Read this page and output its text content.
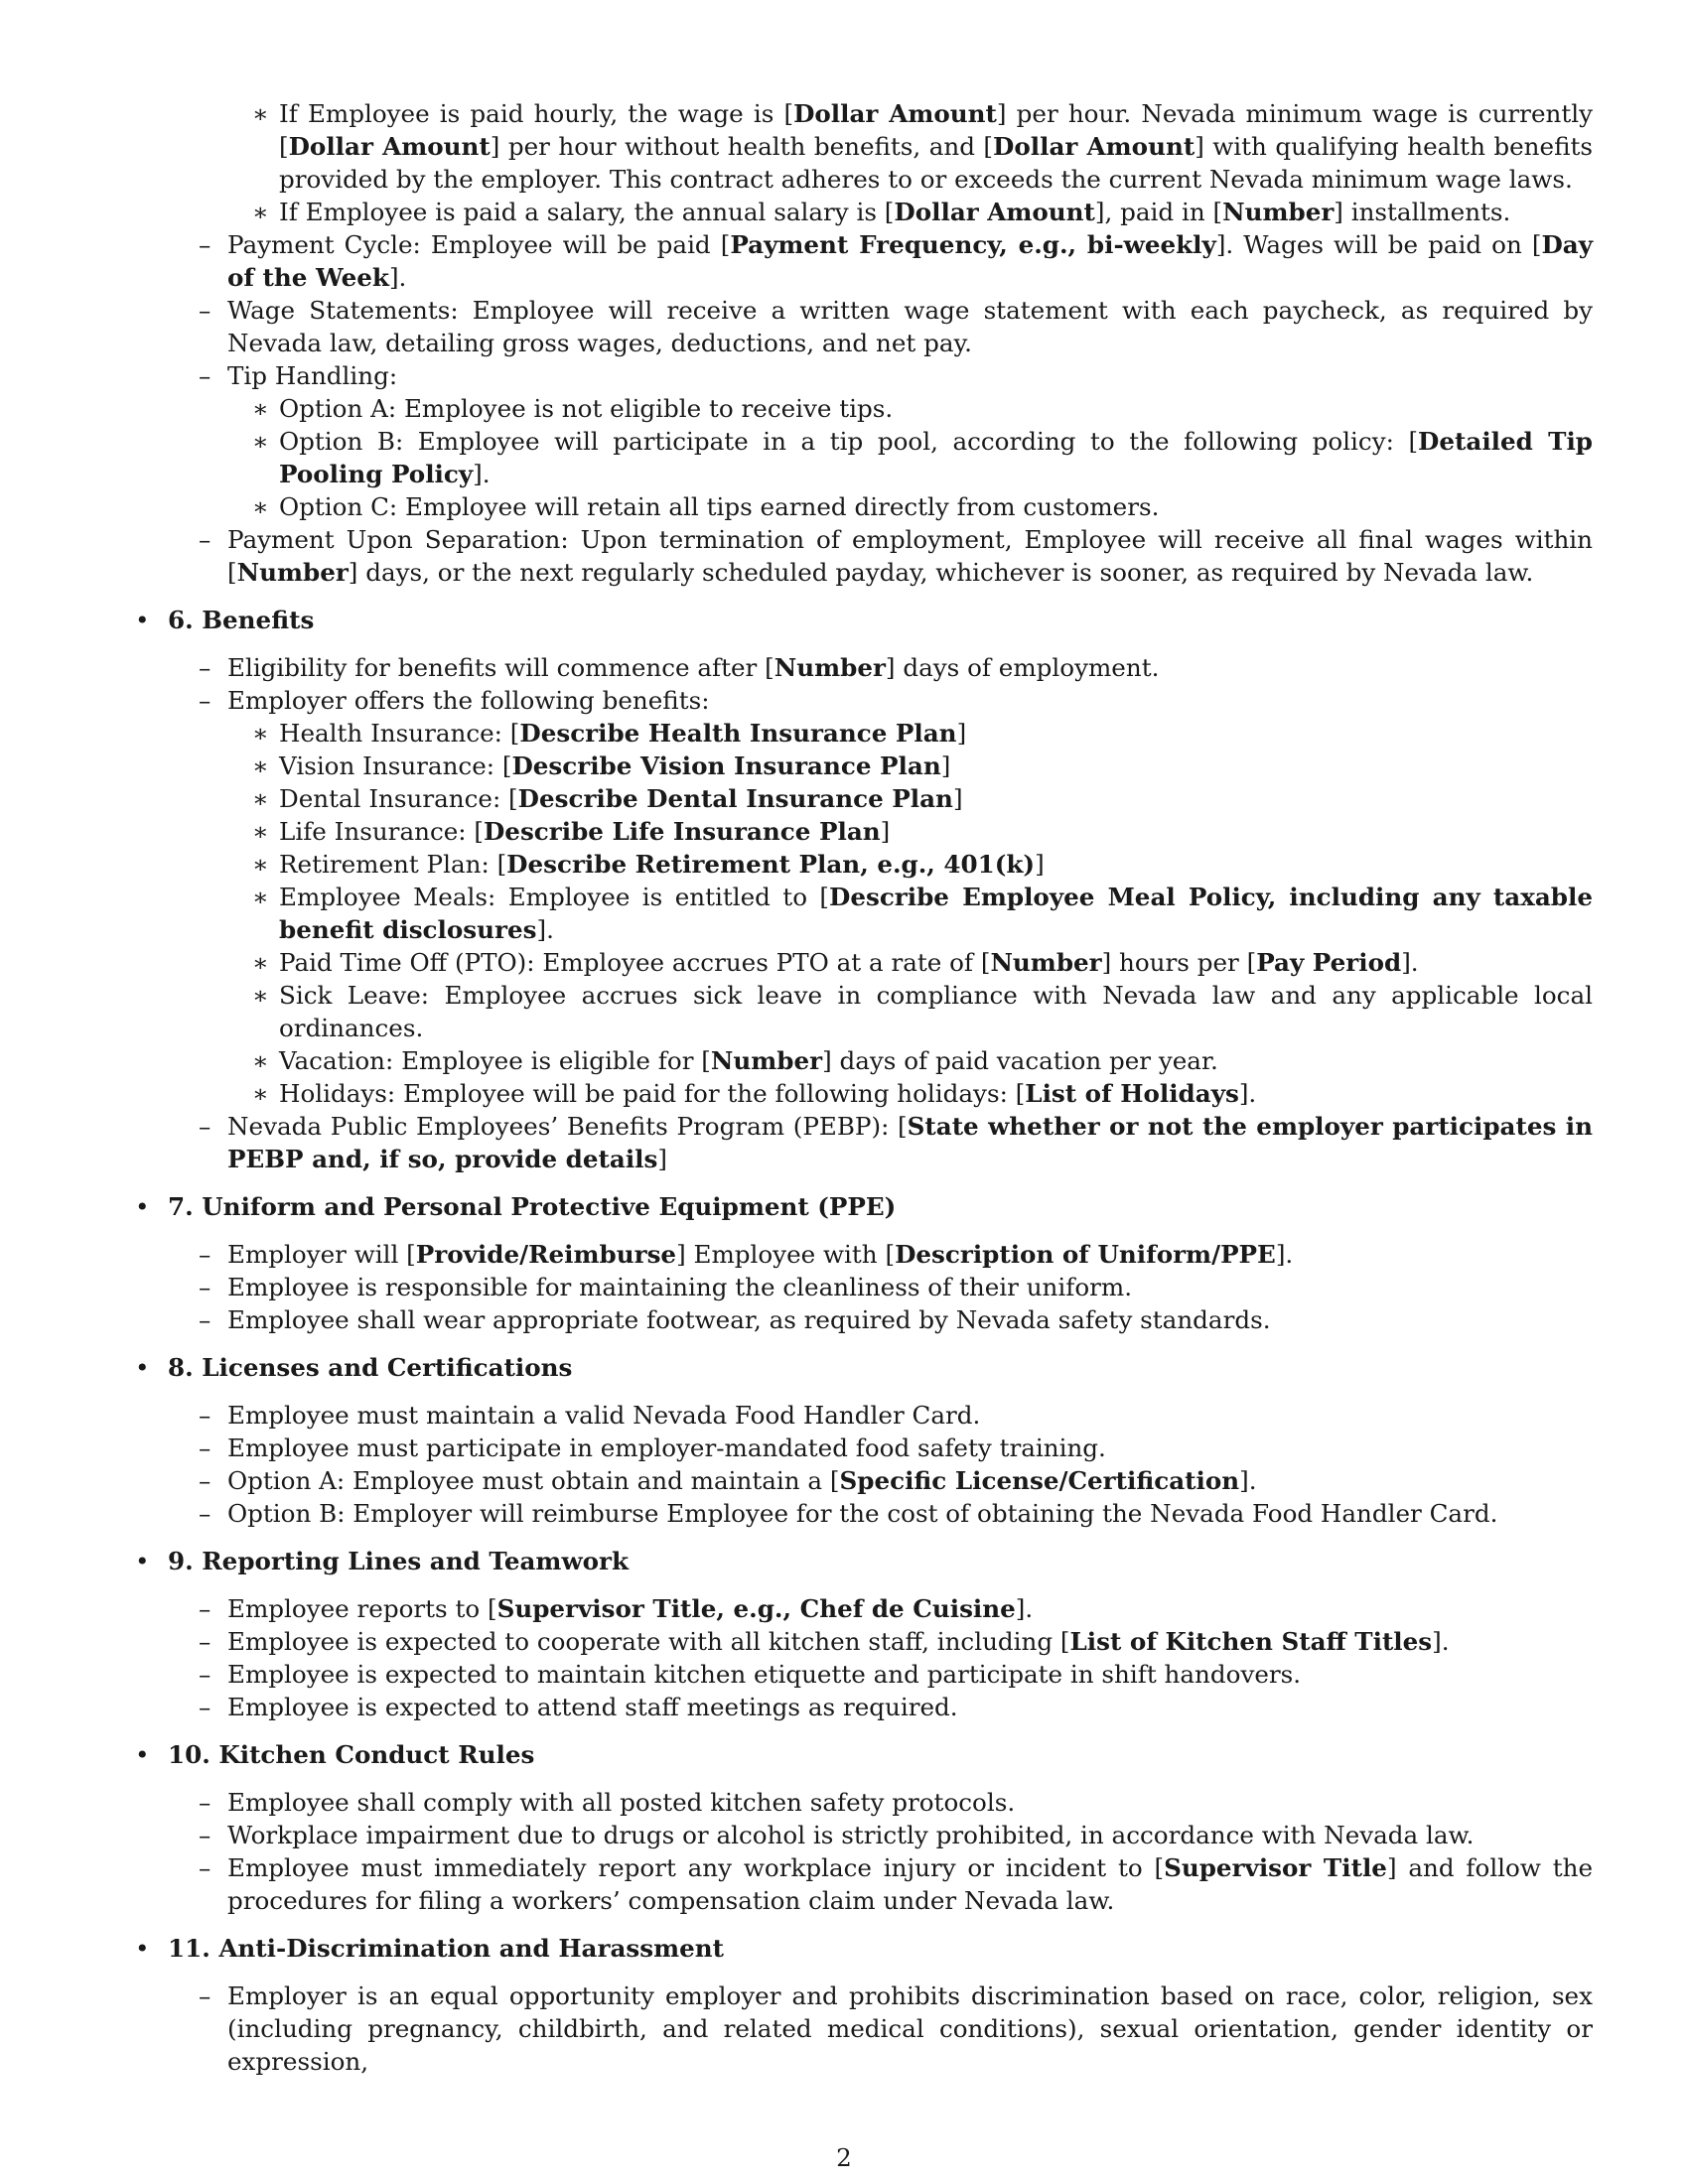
∗ If Employee is paid hourly, the wage is [Dollar Amount] per hour. Nevada minimum wage is currently [Dollar Amount] per hour without health benefits, and [Dollar Amount] with qualifying health benefits provided by the employer. This contract adheres to or exceeds the current Nevada minimum wage laws.
∗ If Employee is paid a salary, the annual salary is [Dollar Amount], paid in [Number] installments.
– Payment Cycle: Employee will be paid [Payment Frequency, e.g., bi-weekly]. Wages will be paid on [Day of the Week].
– Wage Statements: Employee will receive a written wage statement with each paycheck, as required by Nevada law, detailing gross wages, deductions, and net pay.
– Tip Handling:
∗ Option A: Employee is not eligible to receive tips.
∗ Option B: Employee will participate in a tip pool, according to the following policy: [Detailed Tip Pooling Policy].
∗ Option C: Employee will retain all tips earned directly from customers.
– Payment Upon Separation: Upon termination of employment, Employee will receive all final wages within [Number] days, or the next regularly scheduled payday, whichever is sooner, as required by Nevada law.
• 6. Benefits
– Eligibility for benefits will commence after [Number] days of employment.
– Employer offers the following benefits:
∗ Health Insurance: [Describe Health Insurance Plan]
∗ Vision Insurance: [Describe Vision Insurance Plan]
∗ Dental Insurance: [Describe Dental Insurance Plan]
∗ Life Insurance: [Describe Life Insurance Plan]
∗ Retirement Plan: [Describe Retirement Plan, e.g., 401(k)]
∗ Employee Meals: Employee is entitled to [Describe Employee Meal Policy, including any taxable benefit disclosures].
∗ Paid Time Off (PTO): Employee accrues PTO at a rate of [Number] hours per [Pay Period].
∗ Sick Leave: Employee accrues sick leave in compliance with Nevada law and any applicable local ordinances.
∗ Vacation: Employee is eligible for [Number] days of paid vacation per year.
∗ Holidays: Employee will be paid for the following holidays: [List of Holidays].
– Nevada Public Employees’ Benefits Program (PEBP): [State whether or not the employer participates in PEBP and, if so, provide details]
• 7. Uniform and Personal Protective Equipment (PPE)
– Employer will [Provide/Reimburse] Employee with [Description of Uniform/PPE].
– Employee is responsible for maintaining the cleanliness of their uniform.
– Employee shall wear appropriate footwear, as required by Nevada safety standards.
• 8. Licenses and Certifications
– Employee must maintain a valid Nevada Food Handler Card.
– Employee must participate in employer-mandated food safety training.
– Option A: Employee must obtain and maintain a [Specific License/Certification].
– Option B: Employer will reimburse Employee for the cost of obtaining the Nevada Food Handler Card.
• 9. Reporting Lines and Teamwork
– Employee reports to [Supervisor Title, e.g., Chef de Cuisine].
– Employee is expected to cooperate with all kitchen staff, including [List of Kitchen Staff Titles].
– Employee is expected to maintain kitchen etiquette and participate in shift handovers.
– Employee is expected to attend staff meetings as required.
• 10. Kitchen Conduct Rules
– Employee shall comply with all posted kitchen safety protocols.
– Workplace impairment due to drugs or alcohol is strictly prohibited, in accordance with Nevada law.
– Employee must immediately report any workplace injury or incident to [Supervisor Title] and follow the procedures for filing a workers’ compensation claim under Nevada law.
• 11. Anti-Discrimination and Harassment
– Employer is an equal opportunity employer and prohibits discrimination based on race, color, religion, sex (including pregnancy, childbirth, and related medical conditions), sexual orientation, gender identity or expression,
2
